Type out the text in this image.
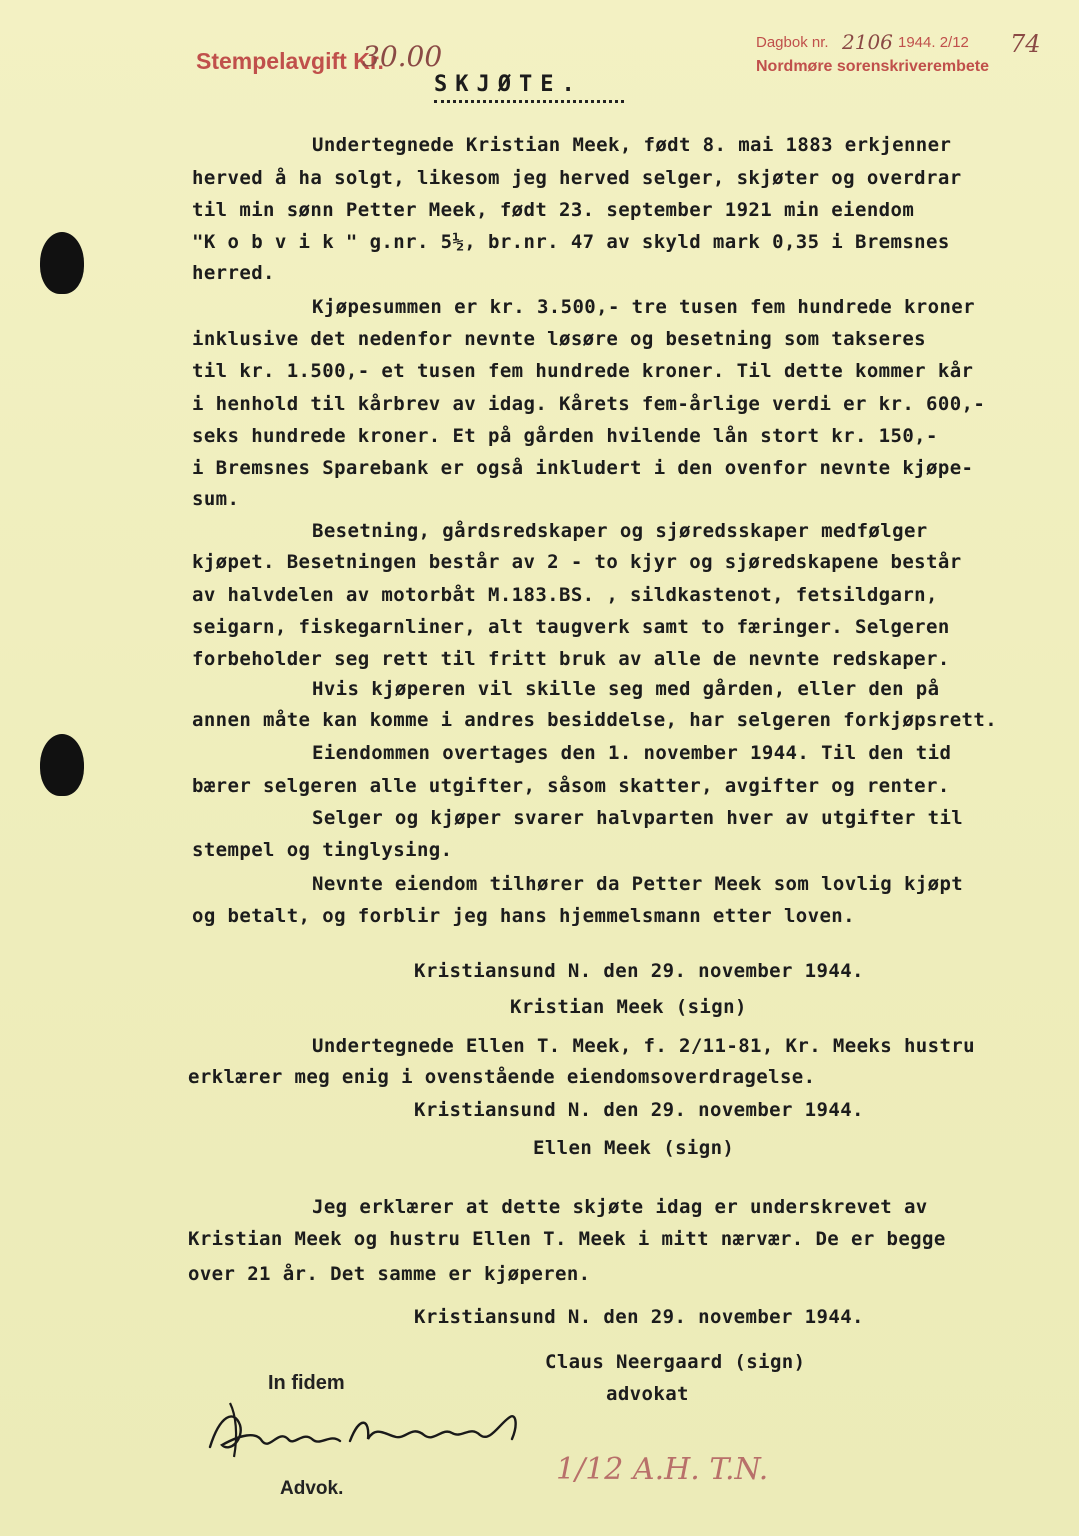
Stempelavgift Kr.
30.00	Dagbok nr. 2106 1944. 2/12 74
Nordmøre sorenskriverembete
SKJØTE.
Undertegnede Kristian Meek, født 8. mai 1883 erkjenner
herved å ha solgt, likesom jeg herved selger, skjøter og overdrar
til min sønn Petter Meek, født 23. september 1921 min eiendom
"K o b v i k " g.nr. 5½, br.nr. 47 av skyld mark 0,35 i Bremsnes
herred.
Kjøpesummen er kr. 3.500,- tre tusen fem hundrede kroner
inklusive det nedenfor nevnte løsøre og besetning som takseres
til kr. 1.500,- et tusen fem hundrede kroner. Til dette kommer kår
i henhold til kårbrev av idag. Kårets fem-årlige verdi er kr. 600,-
seks hundrede kroner. Et på gården hvilende lån stort kr. 150,-
i Bremsnes Sparebank er også inkludert i den ovenfor nevnte kjøpe-
sum.
Besetning, gårdsredskaper og sjøredsskaper medfølger
kjøpet. Besetningen består av 2 - to kjyr og sjøredskapene består
av halvdelen av motorbåt M.183.BS. , sildkastenot, fetsildgarn,
seigarn, fiskegarnliner, alt taugverk samt to færinger. Selgeren
forbeholder seg rett til fritt bruk av alle de nevnte redskaper.
Hvis kjøperen vil skille seg med gården, eller den på
annen måte kan komme i andres besiddelse, har selgeren forkjøpsrett.
Eiendommen overtages den 1. november 1944. Til den tid
bærer selgeren alle utgifter, såsom skatter, avgifter og renter.
Selger og kjøper svarer halvparten hver av utgifter til
stempel og tinglysing.
Nevnte eiendom tilhører da Petter Meek som lovlig kjøpt
og betalt, og forblir jeg hans hjemmelsmann etter loven.
Kristiansund N. den 29. november 1944.
Kristian Meek (sign)
Undertegnede Ellen T. Meek, f. 2/11-81, Kr. Meeks hustru
erklærer meg enig i ovenstående eiendomsoverdragelse.
Kristiansund N. den 29. november 1944.
Ellen Meek (sign)
Jeg erklærer at dette skjøte idag er underskrevet av
Kristian Meek og hustru Ellen T. Meek i mitt nærvær. De er begge
over 21 år. Det samme er kjøperen.
Kristiansund N. den 29. november 1944.
Claus Neergaard (sign)
advokat
In fidem
Advok.
1/12 A.H. T.N.
